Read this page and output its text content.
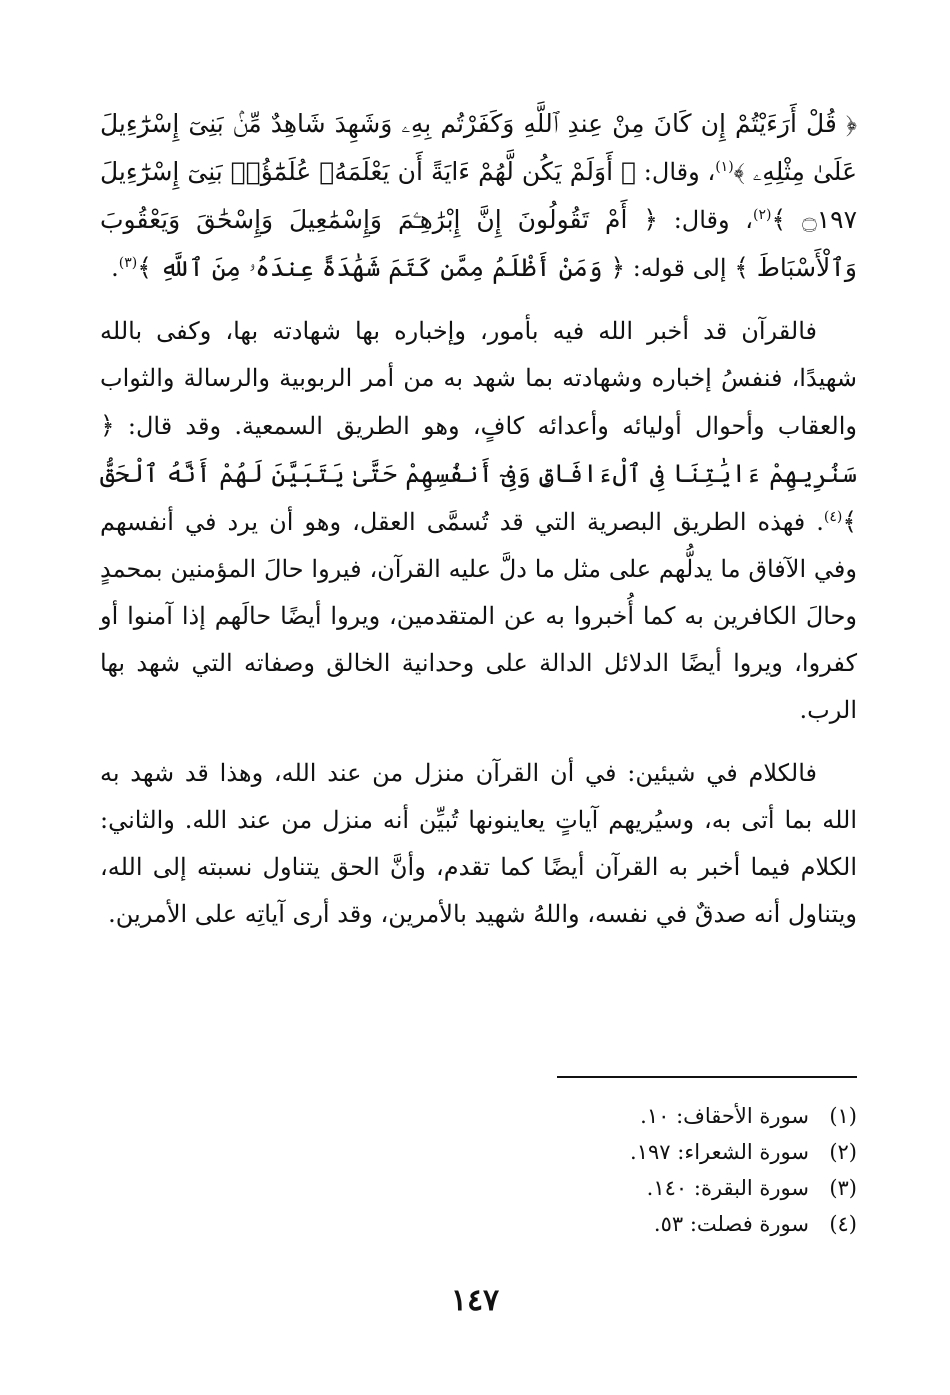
﴿ قُلْ أَرَءَيْتُمْ إِن كَانَ مِنْ عِندِ ٱللَّهِ وَكَفَرْتُم بِهِۦ وَشَهِدَ شَاهِدٌ مِّنۢ بَنِىٓ إِسْرَٰٓءِيلَ عَلَىٰ مِثْلِهِۦ ﴾$^{(١)}$، وقال: ﴿ أَوَلَمْ يَكُن لَّهُمْ ءَايَةً أَن يَعْلَمَهُۥ عُلَمَٰٓؤُا۟ بَنِىٓ إِسْرَٰٓءِيلَ ۝١٩٧ ﴾$^{(٢)}$، وقال: ﴿ أَمْ تَقُولُونَ إِنَّ إِبْرَٰهِـۧمَ وَإِسْمَٰعِيلَ وَإِسْحَٰقَ وَيَعْقُوبَ وَٱلْأَسْبَاطَ ﴾ إلى قوله: ﴿ وَمَنْ أَظْلَمُ مِمَّن كَتَمَ شَهَٰدَةً عِندَهُۥ مِنَ ٱللَّهِ ﴾$^{(٣)}$.

فالقرآن قد أخبر الله فيه بأمور، وإخباره بها شهادته بها، وكفى بالله شهيدًا، فنفسُ إخباره وشهادته بما شهد به من أمر الربوبية والرسالة والثواب والعقاب وأحوال أوليائه وأعدائه كافٍ، وهو الطريق السمعية. وقد قال: ﴿ سَنُرِيهِمْ ءَايَٰتِنَا فِى ٱلْءَافَاقِ وَفِىٓ أَنفُسِهِمْ حَتَّىٰ يَتَبَيَّنَ لَهُمْ أَنَّهُ ٱلْحَقُّ ﴾$^{(٤)}$. فهذه الطريق البصرية التي قد تُسمَّى العقل، وهو أن يرد في أنفسهم وفي الآفاق ما يدلُّهم على مثل ما دلَّ عليه القرآن، فيروا حالَ المؤمنين بمحمدٍ وحالَ الكافرين به كما أُخبروا به عن المتقدمين، ويروا أيضًا حالَهم إذا آمنوا أو كفروا، ويروا أيضًا الدلائل الدالة على وحدانية الخالق وصفاته التي شهد بها الرب.

فالكلام في شيئين: في أن القرآن منزل من عند الله، وهذا قد شهد به الله بما أتى به، وسيُريهم آياتٍ يعاينونها تُبيِّن أنه منزل من عند الله. والثاني: الكلام فيما أخبر به القرآن أيضًا كما تقدم، وأنَّ الحق يتناول نسبته إلى الله، ويتناول أنه صدقٌ في نفسه، واللهُ شهيد بالأمرين، وقد أرى آياتِه على الأمرين.

(١)سورة الأحقاف: ١٠.
(٢)سورة الشعراء: ١٩٧.
(٣)سورة البقرة: ١٤٠.
(٤)سورة فصلت: ٥٣.
١٤٧
